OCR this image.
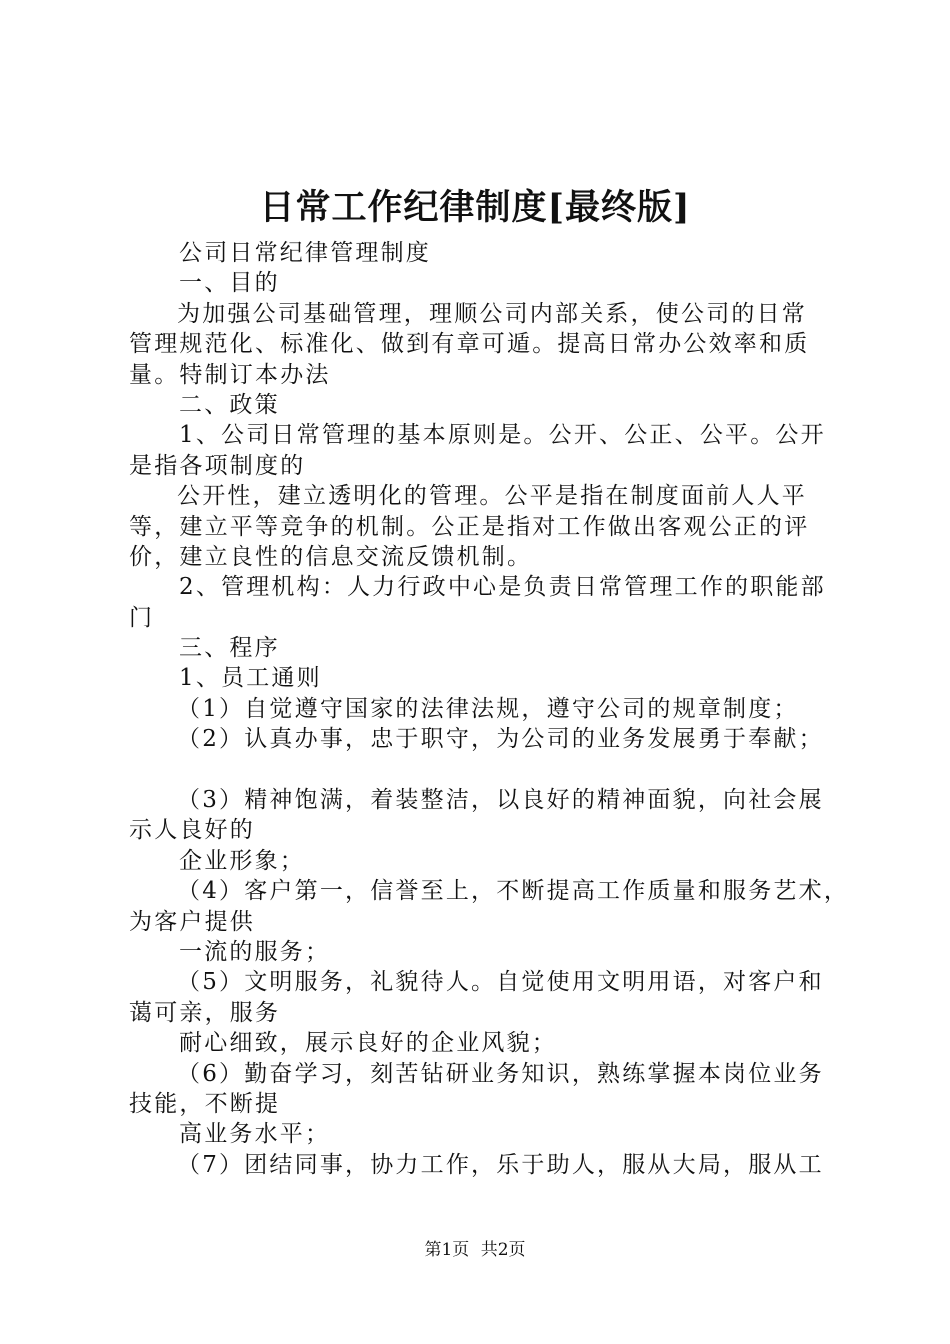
日常工作纪律制度[最终版]
公司日常纪律管理制度
一、目的
为加强公司基础管理，理顺公司内部关系，使公司的日常
管理规范化、标准化、做到有章可遁。提高日常办公效率和质
量。特制订本办法
二、政策
1、公司日常管理的基本原则是。公开、公正、公平。公开
是指各项制度的
公开性，建立透明化的管理。公平是指在制度面前人人平
等，建立平等竞争的机制。公正是指对工作做出客观公正的评
价，建立良性的信息交流反馈机制。
2、管理机构：人力行政中心是负责日常管理工作的职能部
门
三、程序
1、员工通则
（1）自觉遵守国家的法律法规，遵守公司的规章制度；
（2）认真办事，忠于职守，为公司的业务发展勇于奉献；
（3）精神饱满，着装整洁，以良好的精神面貌，向社会展
示人良好的
企业形象；
（4）客户第一，信誉至上，不断提高工作质量和服务艺术，
为客户提供
一流的服务；
（5）文明服务，礼貌待人。自觉使用文明用语，对客户和
蔼可亲，服务
耐心细致，展示良好的企业风貌；
（6）勤奋学习，刻苦钻研业务知识，熟练掌握本岗位业务
技能，不断提
高业务水平；
（7）团结同事，协力工作，乐于助人，服从大局，服从工
第1页 共2页
